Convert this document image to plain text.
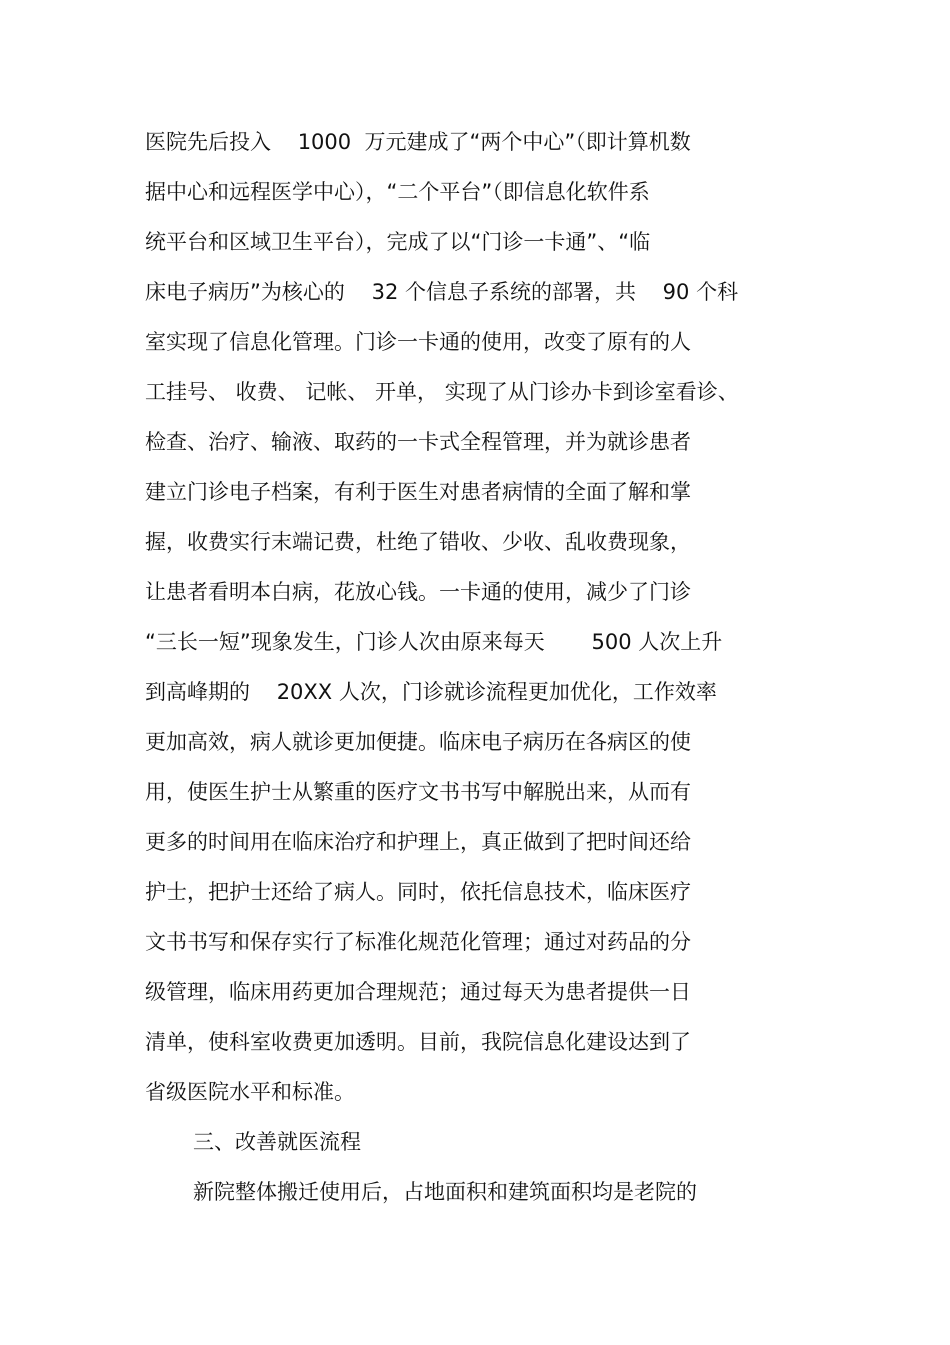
医院先后投入    1000  万元建成了“两个中心”（即计算机数
据中心和远程医学中心），“二个平台”（即信息化软件系
统平台和区域卫生平台），完成了以“门诊一卡通”、“临
床电子病历”为核心的    32 个信息子系统的部署，共    90 个科
室实现了信息化管理。门诊一卡通的使用，改变了原有的人
工挂号、 收费、 记帐、 开单， 实现了从门诊办卡到诊室看诊、
检查、治疗、输液、取药的一卡式全程管理，并为就诊患者
建立门诊电子档案，有利于医生对患者病情的全面了解和掌
握，收费实行末端记费，杜绝了错收、少收、乱收费现象，
让患者看明本白病，花放心钱。一卡通的使用，减少了门诊
“三长一短”现象发生，门诊人次由原来每天       500 人次上升
到高峰期的    20XX 人次，门诊就诊流程更加优化，工作效率
更加高效，病人就诊更加便捷。临床电子病历在各病区的使
用，使医生护士从繁重的医疗文书书写中解脱出来，从而有
更多的时间用在临床治疗和护理上，真正做到了把时间还给
护士，把护士还给了病人。同时，依托信息技术，临床医疗
文书书写和保存实行了标准化规范化管理；通过对药品的分
级管理，临床用药更加合理规范；通过每天为患者提供一日
清单，使科室收费更加透明。目前，我院信息化建设达到了
省级医院水平和标准。
三、改善就医流程
新院整体搬迁使用后，占地面积和建筑面积均是老院的
